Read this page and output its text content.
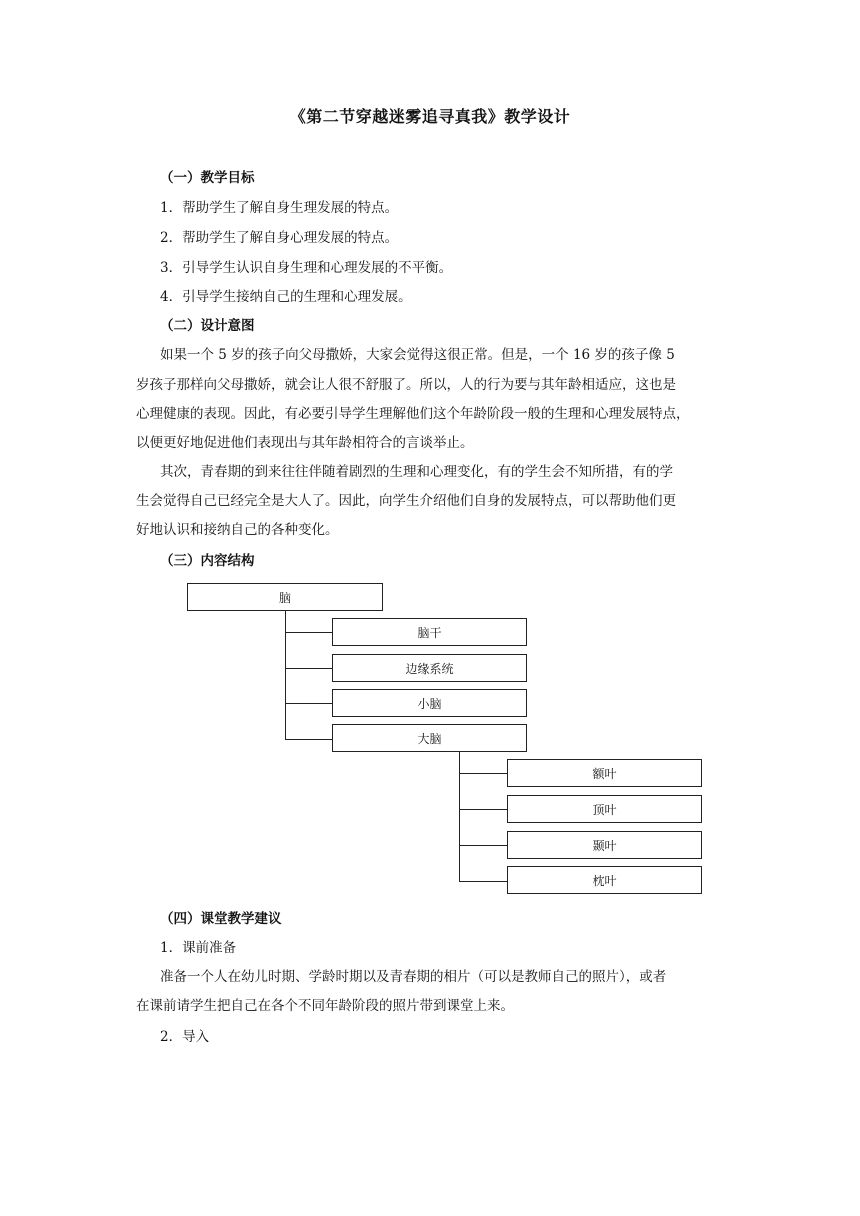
《第二节穿越迷雾追寻真我》教学设计
（一）教学目标
1．帮助学生了解自身生理发展的特点。
2．帮助学生了解自身心理发展的特点。
3．引导学生认识自身生理和心理发展的不平衡。
4．引导学生接纳自己的生理和心理发展。
（二）设计意图
如果一个 5 岁的孩子向父母撒娇，大家会觉得这很正常。但是，一个 16 岁的孩子像 5
岁孩子那样向父母撒娇，就会让人很不舒服了。所以，人的行为要与其年龄相适应，这也是
心理健康的表现。因此，有必要引导学生理解他们这个年龄阶段一般的生理和心理发展特点，
以便更好地促进他们表现出与其年龄相符合的言谈举止。
其次，青春期的到来往往伴随着剧烈的生理和心理变化，有的学生会不知所措，有的学
生会觉得自己已经完全是大人了。因此，向学生介绍他们自身的发展特点，可以帮助他们更
好地认识和接纳自己的各种变化。
（三）内容结构
脑
脑干
边缘系统
小脑
大脑
额叶
顶叶
颞叶
枕叶
（四）课堂教学建议
1．课前准备
准备一个人在幼儿时期、学龄时期以及青春期的相片（可以是教师自己的照片），或者
在课前请学生把自己在各个不同年龄阶段的照片带到课堂上来。
2．导入
